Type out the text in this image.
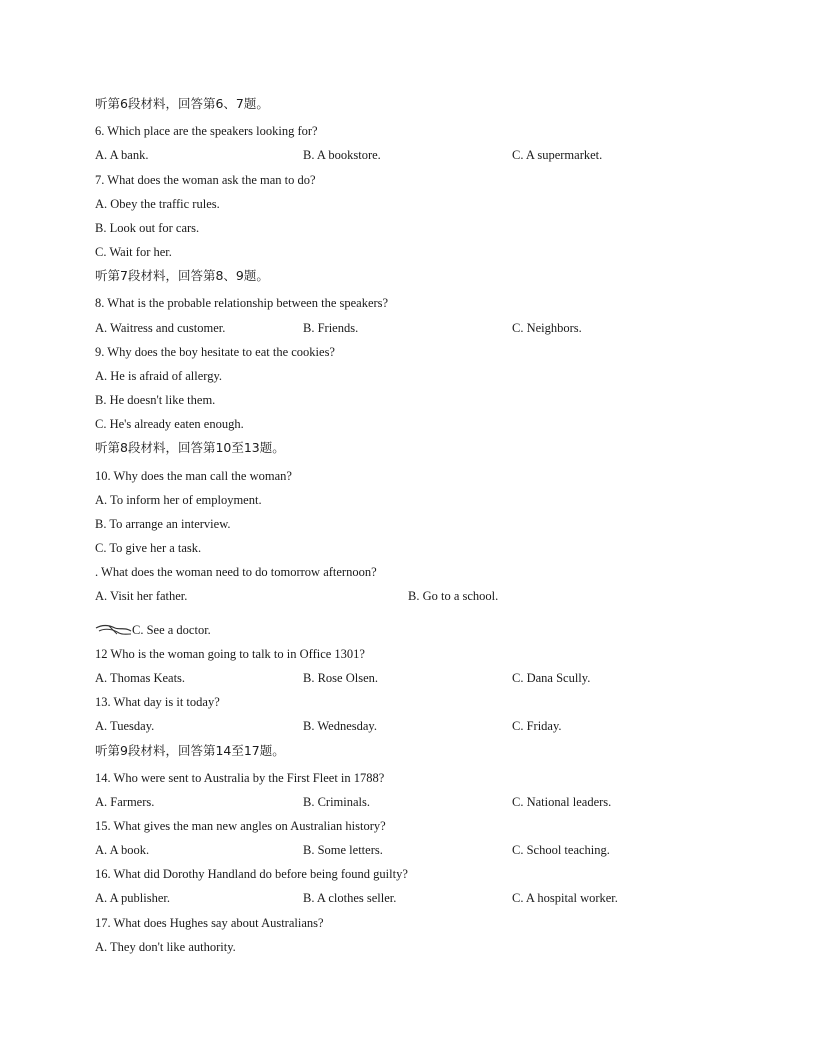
听第6段材料，回答第6、7题。
6. Which place are the speakers looking for?
A. A bank.	B. A bookstore.	C. A supermarket.
7. What does the woman ask the man to do?
A. Obey the traffic rules.
B. Look out for cars.
C. Wait for her.
听第7段材料，回答第8、9题。
8. What is the probable relationship between the speakers?
A. Waitress and customer.	B. Friends.	C. Neighbors.
9. Why does the boy hesitate to eat the cookies?
A. He is afraid of allergy.
B. He doesn't like them.
C. He's already eaten enough.
听第8段材料，回答第10至13题。
10. Why does the man call the woman?
A. To inform her of employment.
B. To arrange an interview.
C. To give her a task.
. What does the woman need to do tomorrow afternoon?
A. Visit her father.	B. Go to a school.
C. See a doctor.
12 Who is the woman going to talk to in Office 1301?
A. Thomas Keats.	B. Rose Olsen.	C. Dana Scully.
13. What day is it today?
A. Tuesday.	B. Wednesday.	C. Friday.
听第9段材料，回答第14至17题。
14. Who were sent to Australia by the First Fleet in 1788?
A. Farmers.	B. Criminals.	C. National leaders.
15. What gives the man new angles on Australian history?
A. A book.	B. Some letters.	C. School teaching.
16. What did Dorothy Handland do before being found guilty?
A. A publisher.	B. A clothes seller.	C. A hospital worker.
17. What does Hughes say about Australians?
A. They don't like authority.
